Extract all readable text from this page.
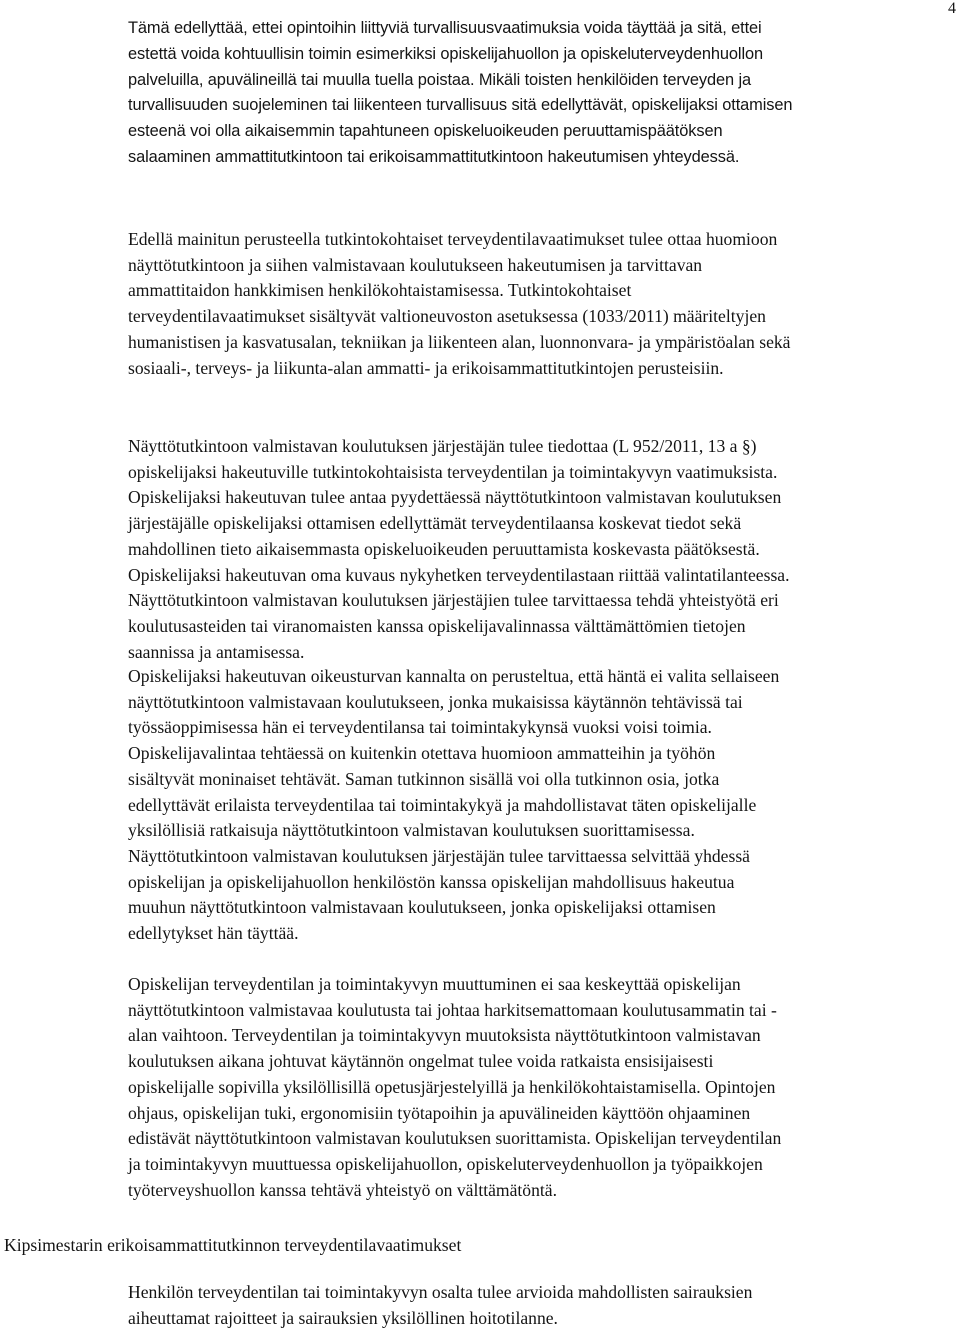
4

Tämä edellyttää, ettei opintoihin liittyviä turvallisuusvaatimuksia voida täyttää ja sitä, ettei
estettä voida kohtuullisin toimin esimerkiksi opiskelijahuollon ja opiskeluterveydenhuollon
palveluilla, apuvälineillä tai muulla tuella poistaa. Mikäli toisten henkilöiden terveyden ja
turvallisuuden suojeleminen tai liikenteen turvallisuus sitä edellyttävät, opiskelijaksi ottamisen
esteenä voi olla aikaisemmin tapahtuneen opiskeluoikeuden peruuttamispäätöksen
salaaminen ammattitutkintoon tai erikoisammattitutkintoon hakeutumisen yhteydessä.

Edellä mainitun perusteella tutkintokohtaiset terveydentilavaatimukset tulee ottaa huomioon
näyttötutkintoon ja siihen valmistavaan koulutukseen hakeutumisen ja tarvittavan
ammattitaidon hankkimisen henkilökohtaistamisessa. Tutkintokohtaiset
terveydentilavaatimukset sisältyvät valtioneuvoston asetuksessa (1033/2011) määriteltyjen
humanistisen ja kasvatusalan, tekniikan ja liikenteen alan, luonnonvara- ja ympäristöalan sekä
sosiaali-, terveys- ja liikunta-alan ammatti- ja erikoisammattitutkintojen perusteisiin.

Näyttötutkintoon valmistavan koulutuksen järjestäjän tulee tiedottaa (L 952/2011, 13 a §)
opiskelijaksi hakeutuville tutkintokohtaisista terveydentilan ja toimintakyvyn vaatimuksista.
Opiskelijaksi hakeutuvan tulee antaa pyydettäessä näyttötutkintoon valmistavan koulutuksen
järjestäjälle opiskelijaksi ottamisen edellyttämät terveydentilaansa koskevat tiedot sekä
mahdollinen tieto aikaisemmasta opiskeluoikeuden peruuttamista koskevasta päätöksestä.
Opiskelijaksi hakeutuvan oma kuvaus nykyhetken terveydentilastaan riittää valintatilanteessa.
Näyttötutkintoon valmistavan koulutuksen järjestäjien tulee tarvittaessa tehdä yhteistyötä eri
koulutusasteiden tai viranomaisten kanssa opiskelijavalinnassa välttämättömien tietojen
saannissa ja antamisessa.

Opiskelijaksi hakeutuvan oikeusturvan kannalta on perusteltua, että häntä ei valita sellaiseen
näyttötutkintoon valmistavaan koulutukseen, jonka mukaisissa käytännön tehtävissä tai
työssäoppimisessa hän ei terveydentilansa tai toimintakykynsä vuoksi voisi toimia.
Opiskelijavalintaa tehtäessä on kuitenkin otettava huomioon ammatteihin ja työhön
sisältyvät moninaiset tehtävät. Saman tutkinnon sisällä voi olla tutkinnon osia, jotka
edellyttävät erilaista terveydentilaa tai toimintakykyä ja mahdollistavat täten opiskelijalle
yksilöllisiä ratkaisuja näyttötutkintoon valmistavan koulutuksen suorittamisessa.
Näyttötutkintoon valmistavan koulutuksen järjestäjän tulee tarvittaessa selvittää yhdessä
opiskelijan ja opiskelijahuollon henkilöstön kanssa opiskelijan mahdollisuus hakeutua
muuhun näyttötutkintoon valmistavaan koulutukseen, jonka opiskelijaksi ottamisen
edellytykset hän täyttää.

Opiskelijan terveydentilan ja toimintakyvyn muuttuminen ei saa keskeyttää opiskelijan
näyttötutkintoon valmistavaa koulutusta tai johtaa harkitsemattomaan koulutusammatin tai -
alan vaihtoon. Terveydentilan ja toimintakyvyn muutoksista näyttötutkintoon valmistavan
koulutuksen aikana johtuvat käytännön ongelmat tulee voida ratkaista ensisijaisesti
opiskelijalle sopivilla yksilöllisillä opetusjärjestelyillä ja henkilökohtaistamisella. Opintojen
ohjaus, opiskelijan tuki, ergonomisiin työtapoihin ja apuvälineiden käyttöön ohjaaminen
edistävät näyttötutkintoon valmistavan koulutuksen suorittamista. Opiskelijan terveydentilan
ja toimintakyvyn muuttuessa opiskelijahuollon, opiskeluterveydenhuollon ja työpaikkojen
työterveyshuollon kanssa tehtävä yhteistyö on välttämätöntä.

Kipsimestarin erikoisammattitutkinnon terveydentilavaatimukset

Henkilön terveydentilan tai toimintakyvyn osalta tulee arvioida mahdollisten sairauksien
aiheuttamat rajoitteet ja sairauksien yksilöllinen hoitotilanne.
